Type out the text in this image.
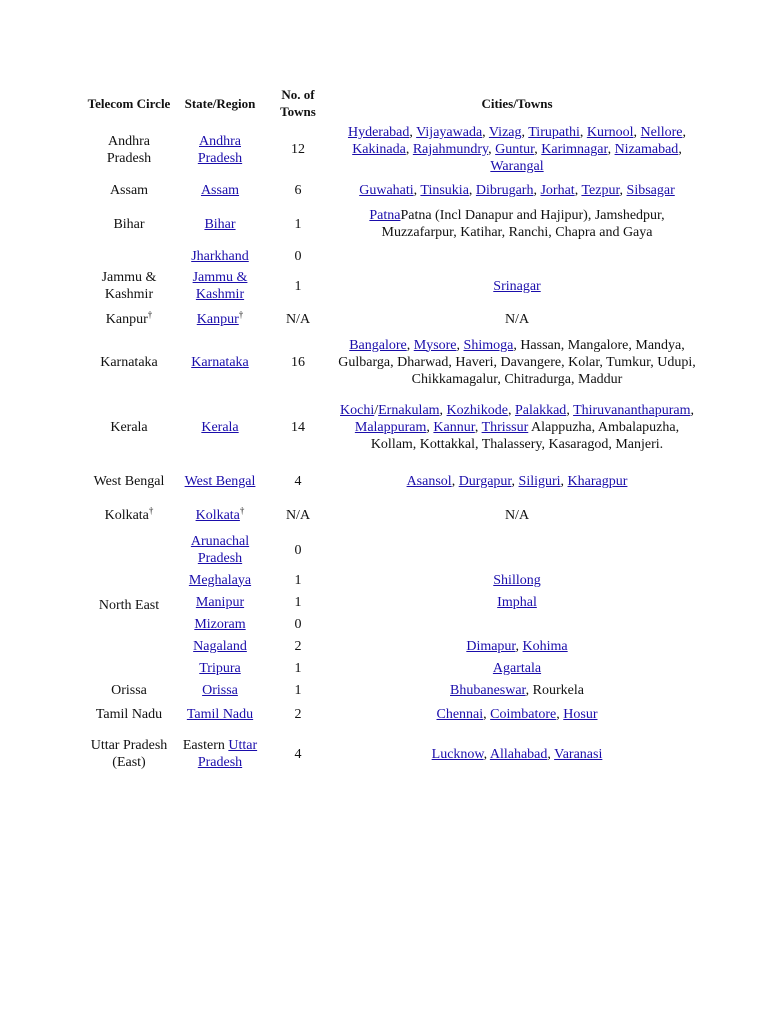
Telecom Circle	State/Region	No. of Towns	Cities/Towns
Andhra Pradesh	Andhra Pradesh	12	Hyderabad, Vijayawada, Vizag, Tirupathi, Kurnool, Nellore, Kakinada, Rajahmundry, Guntur, Karimnagar, Nizamabad, Warangal
Assam	Assam	6	Guwahati, Tinsukia, Dibrugarh, Jorhat, Tezpur, Sibsagar
Bihar	Bihar	1	PatnaPatna (Incl Danapur and Hajipur), Jamshedpur, Muzzafarpur, Katihar, Ranchi, Chapra and Gaya
	Jharkhand	0	
Jammu & Kashmir	Jammu & Kashmir	1	Srinagar
Kanpur†	Kanpur†	N/A	N/A
Karnataka	Karnataka	16	Bangalore, Mysore, Shimoga, Hassan, Mangalore, Mandya, Gulbarga, Dharwad, Haveri, Davangere, Kolar, Tumkur, Udupi, Chikkamagalur, Chitradurga, Maddur
Kerala	Kerala	14	Kochi/Ernakulam, Kozhikode, Palakkad, Thiruvananthapuram, Malappuram, Kannur, Thrissur Alappuzha, Ambalapuzha, Kollam, Kottakkal, Thalassery, Kasaragod, Manjeri.
West Bengal	West Bengal	4	Asansol, Durgapur, Siliguri, Kharagpur
Kolkata†	Kolkata†	N/A	N/A
North East	Arunachal Pradesh	0	
	Meghalaya	1	Shillong
	Manipur	1	Imphal
	Mizoram	0	
	Nagaland	2	Dimapur, Kohima
	Tripura	1	Agartala
Orissa	Orissa	1	Bhubaneswar, Rourkela
Tamil Nadu	Tamil Nadu	2	Chennai, Coimbatore, Hosur
Uttar Pradesh (East)	Eastern Uttar Pradesh	4	Lucknow, Allahabad, Varanasi
